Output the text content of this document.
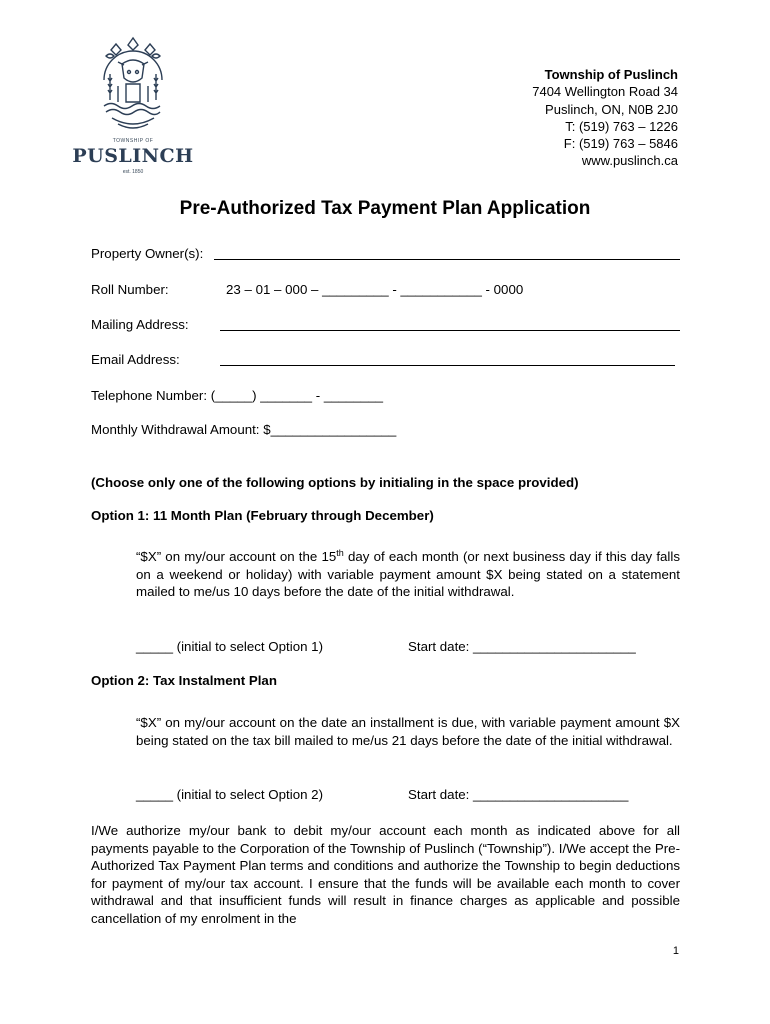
TOWNSHIP OF
PUSLINCH
est. 1850
Township of Puslinch
7404 Wellington Road 34
Puslinch, ON, N0B 2J0
T: (519) 763 – 1226
F: (519) 763 – 5846
www.puslinch.ca
Pre-Authorized Tax Payment Plan Application
Property Owner(s):
Roll Number:	23 – 01 – 000 – _________ - ___________ - 0000
Mailing Address:
Email Address:
Telephone Number: (_____) _______ - ________
Monthly Withdrawal Amount: $_________________
(Choose only one of the following options by initialing in the space provided)
Option 1: 11 Month Plan (February through December)
“$X” on my/our account on the 15th day of each month (or next business day if this day falls on a weekend or holiday) with variable payment amount $X being stated on a statement mailed to me/us 10 days before the date of the initial withdrawal.
_____ (initial to select Option 1)	Start date: ______________________
Option 2: Tax Instalment Plan
“$X” on my/our account on the date an installment is due, with variable payment amount $X being stated on the tax bill mailed to me/us 21 days before the date of the initial withdrawal.
_____ (initial to select Option 2)	Start date: _____________________
I/We authorize my/our bank to debit my/our account each month as indicated above for all payments payable to the Corporation of the Township of Puslinch (“Township”). I/We accept the Pre-Authorized Tax Payment Plan terms and conditions and authorize the Township to begin deductions for payment of my/our tax account. I ensure that the funds will be available each month to cover withdrawal and that insufficient funds will result in finance charges as applicable and possible cancellation of my enrolment in the
1
